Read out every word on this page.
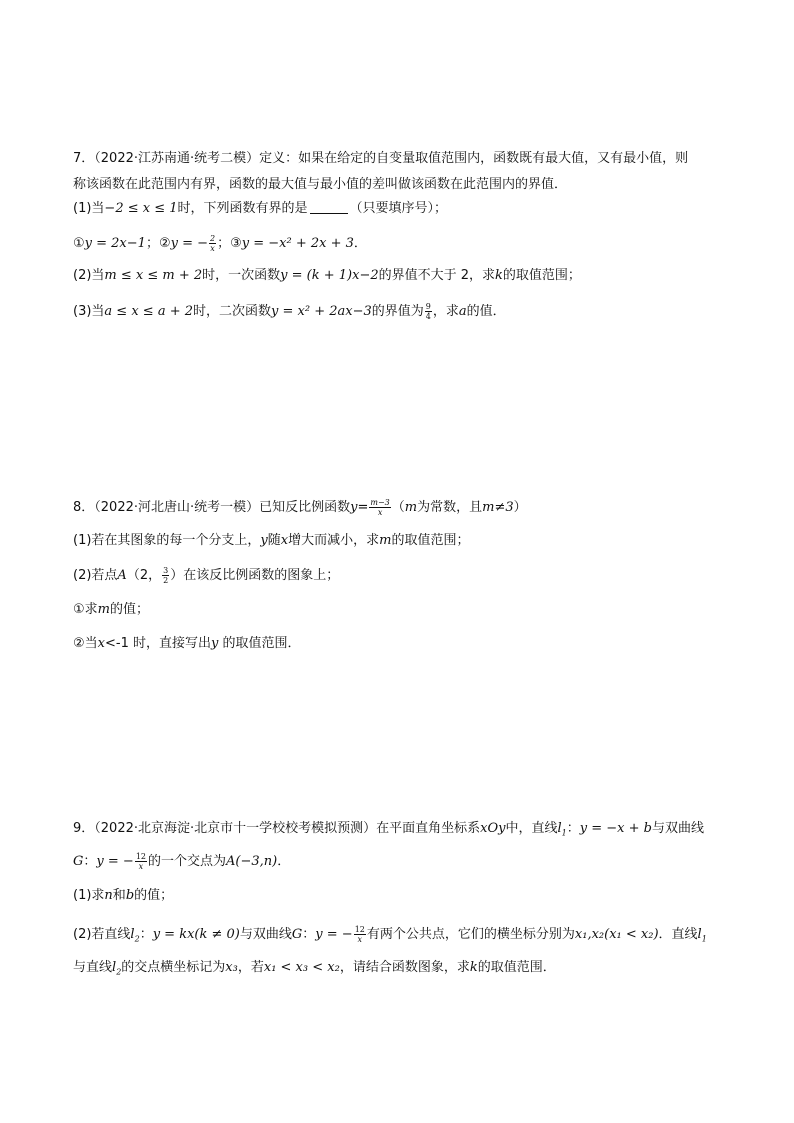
7．（2022·江苏南通·统考二模）定义：如果在给定的自变量取值范围内，函数既有最大值，又有最小值，则
称该函数在此范围内有界，函数的最大值与最小值的差叫做该函数在此范围内的界值．
(1)当−2 ≤ x ≤ 1时，下列函数有界的是	（只要填序号）；
①y = 2x−1；②y = − $\frac{2}{x}$ ；③y = −x² + 2x + 3．
(2)当m ≤ x ≤ m + 2时，一次函数y = (k + 1)x−2的界值不大于 2，求k的取值范围；
(3)当a ≤ x ≤ a + 2时，二次函数y = x² + 2ax−3的界值为 $\frac{9}{4}$ ，求a的值．
8．（2022·河北唐山·统考一模）已知反比例函数$y= \frac{m-3}{x} (m$为常数，且m≠3）
(1)若在其图象的每一个分支上，y随x增大而减小，求m的取值范围；
(2)若点A（2， $\frac{3}{2}$ ）在该反比例函数的图象上；
①求m的值；
②当x<-1 时，直接写出y 的取值范围．
9．（2022·北京海淀·北京市十一学校校考模拟预测）在平面直角坐标系xOy中，直线$l_1$：y = −x + b与双曲线
G：y = − $\frac{12}{x}$ 的一个交点为A(−3,n)．
(1)求n和b的值；
(2)若直线$l_2$：y = kx(k ≠ 0)与双曲线G：y = − $\frac{12}{x}$ 有两个公共点，它们的横坐标分别为x₁,x₂(x₁ < x₂)．直线$l_1$
与直线$l_2$的交点横坐标记为x₃，若x₁ < x₃ < x₂，请结合函数图象，求k的取值范围．
